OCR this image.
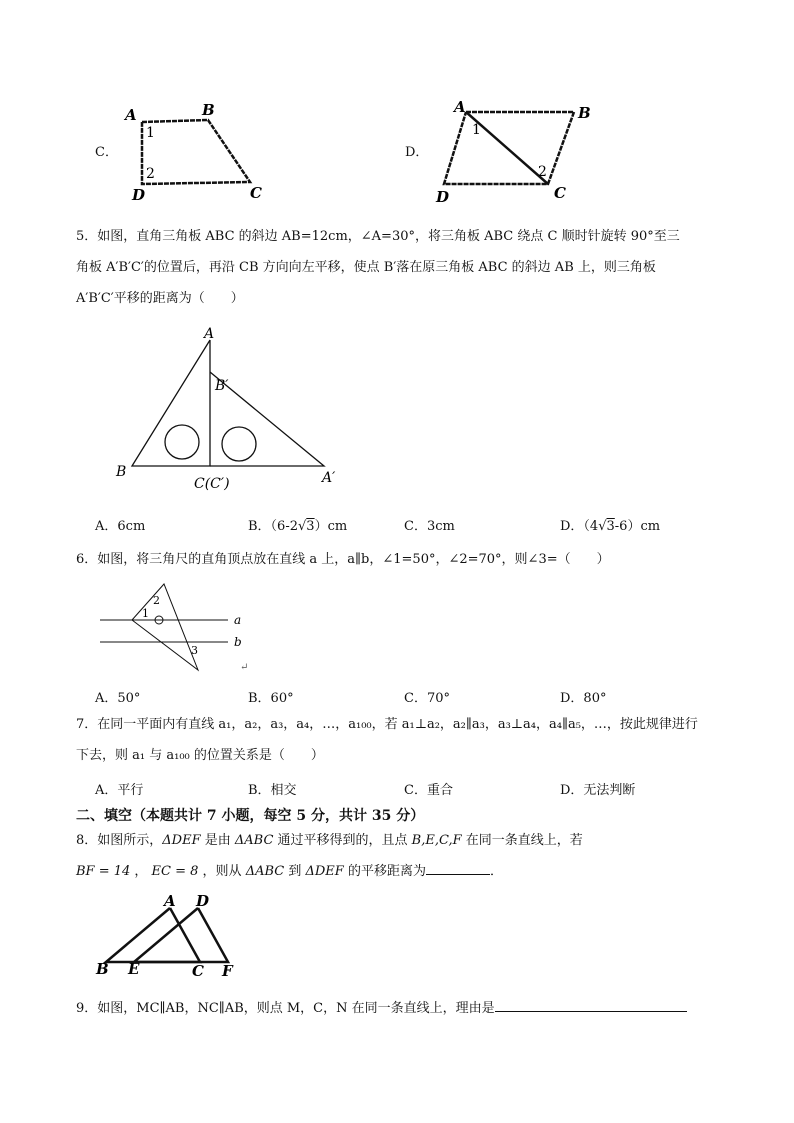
C．
A	B
C
D
1
2
D．
A	B
C
D
1
2
5．如图，直角三角板 ABC 的斜边 AB=12cm，∠A=30°，将三角板 ABC 绕点 C 顺时针旋转 90°至三
角板 A′B′C′的位置后，再沿 CB 方向向左平移，使点 B′落在原三角板 ABC 的斜边 AB 上，则三角板
A′B′C′平移的距离为（　　）
A
B′
B
C(C′)	A′
A．6cm	B．（6-2√3）cm	C．3cm	D．（4√3-6）cm
6．如图，将三角尺的直角顶点放在直线 a 上，a∥b，∠1=50°，∠2=70°，则∠3=（　　）
a
b
1
2
3
↵
A．50°	B．60°	C．70°	D．80°
7．在同一平面内有直线 a₁，a₂，a₃，a₄，…，a₁₀₀，若 a₁⊥a₂，a₂∥a₃，a₃⊥a₄，a₄∥a₅，…，按此规律进行
下去，则 a₁ 与 a₁₀₀ 的位置关系是（　　）
A．平行	B．相交	C．重合	D．无法判断
二、填空（本题共计 7 小题，每空 5 分，共计 35 分）
8．如图所示，ΔDEF 是由 ΔABC 通过平移得到的，且点 B,E,C,F 在同一条直线上，若
BF = 14 ， EC = 8 ，则从 ΔABC 到 ΔDEF 的平移距离为	．
A D
B E	C F
9．如图，MC∥AB，NC∥AB，则点 M，C，N 在同一条直线上，理由是
